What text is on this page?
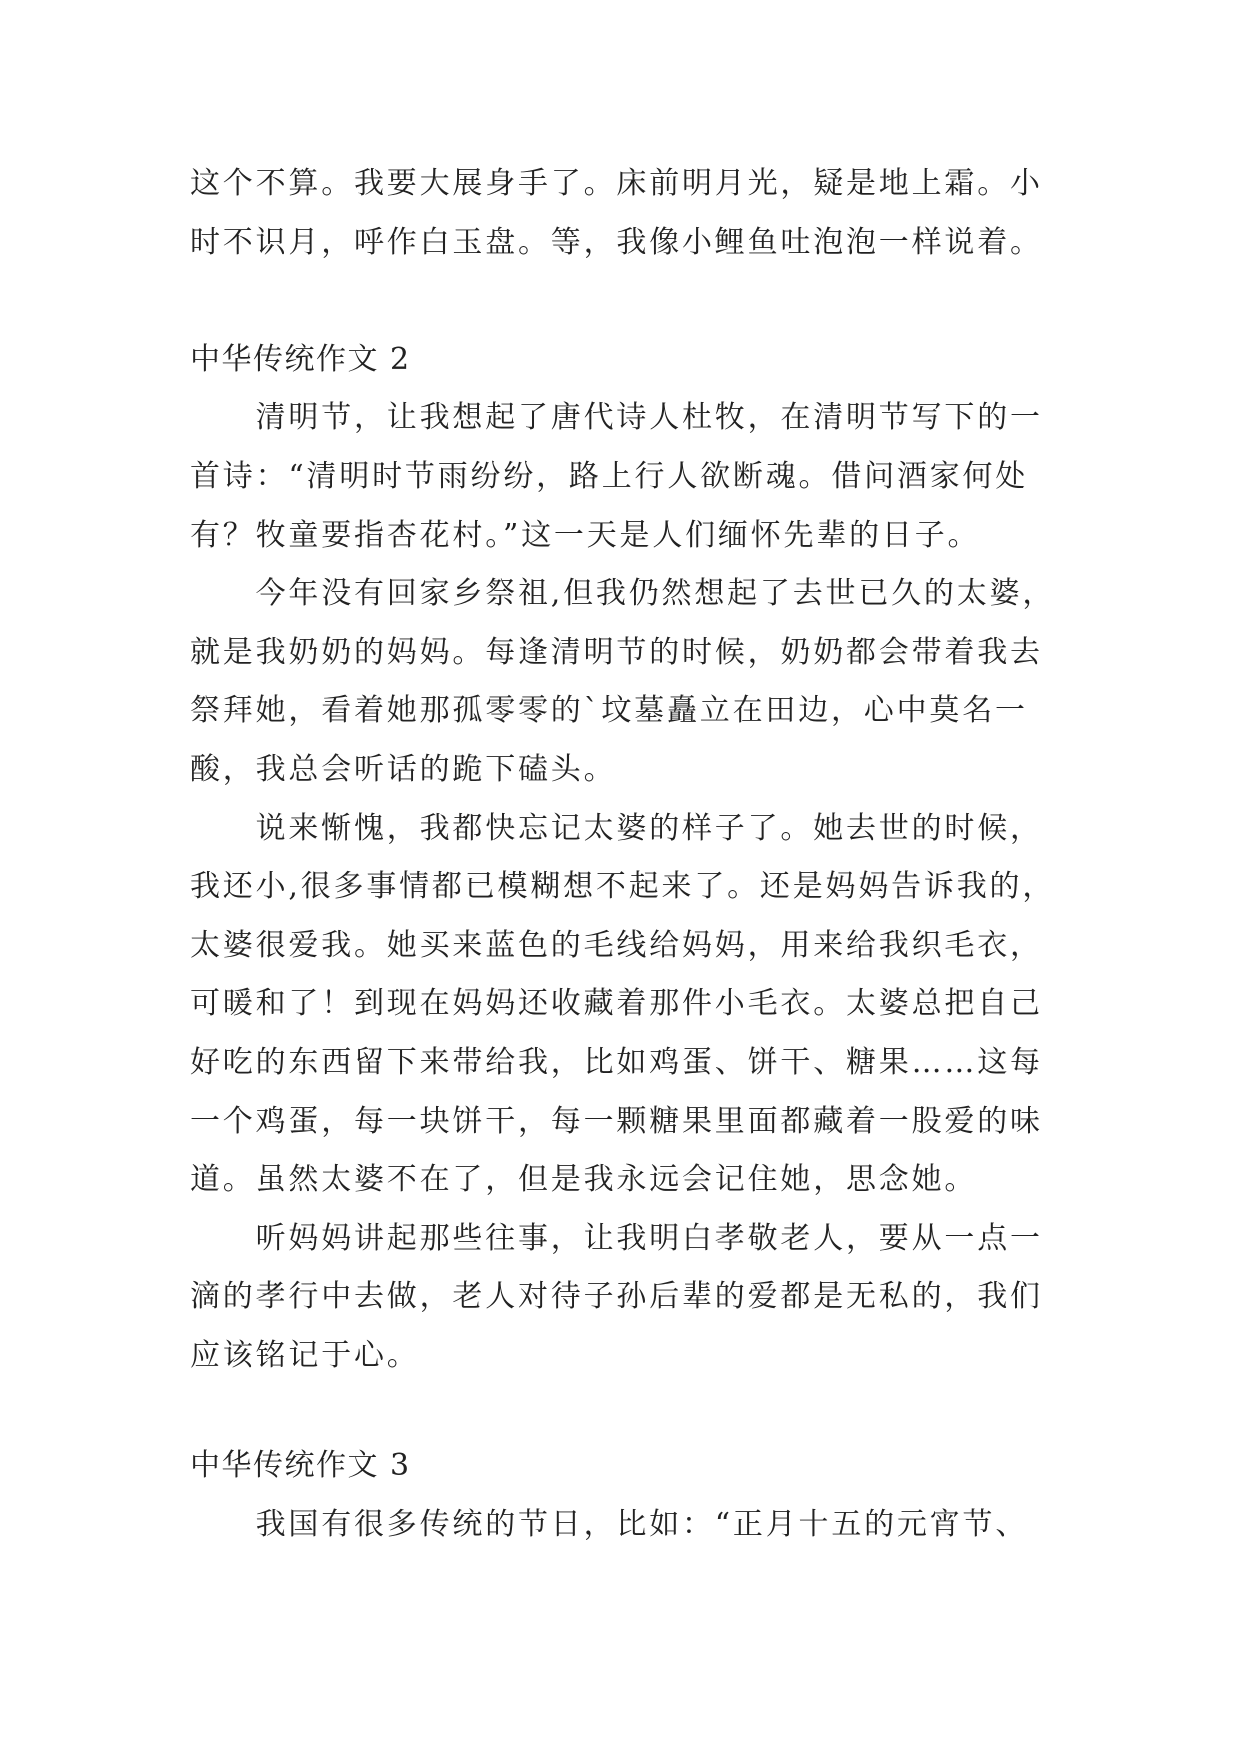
这个不算。我要大展身手了。床前明月光，疑是地上霜。小
时不识月，呼作白玉盘。等，我像小鲤鱼吐泡泡一样说着。
中华传统作文 2
清明节，让我想起了唐代诗人杜牧，在清明节写下的一
首诗：“清明时节雨纷纷，路上行人欲断魂。借问酒家何处
有？牧童要指杏花村。”这一天是人们缅怀先辈的日子。
今年没有回家乡祭祖,但我仍然想起了去世已久的太婆，
就是我奶奶的妈妈。每逢清明节的时候，奶奶都会带着我去
祭拜她，看着她那孤零零的`坟墓矗立在田边，心中莫名一
酸，我总会听话的跪下磕头。
说来惭愧，我都快忘记太婆的样子了。她去世的时候，
我还小,很多事情都已模糊想不起来了。还是妈妈告诉我的，
太婆很爱我。她买来蓝色的毛线给妈妈，用来给我织毛衣，
可暖和了！到现在妈妈还收藏着那件小毛衣。太婆总把自己
好吃的东西留下来带给我，比如鸡蛋、饼干、糖果……这每
一个鸡蛋，每一块饼干，每一颗糖果里面都藏着一股爱的味
道。虽然太婆不在了，但是我永远会记住她，思念她。
听妈妈讲起那些往事，让我明白孝敬老人，要从一点一
滴的孝行中去做，老人对待子孙后辈的爱都是无私的，我们
应该铭记于心。
中华传统作文 3
我国有很多传统的节日，比如：“正月十五的元宵节、
